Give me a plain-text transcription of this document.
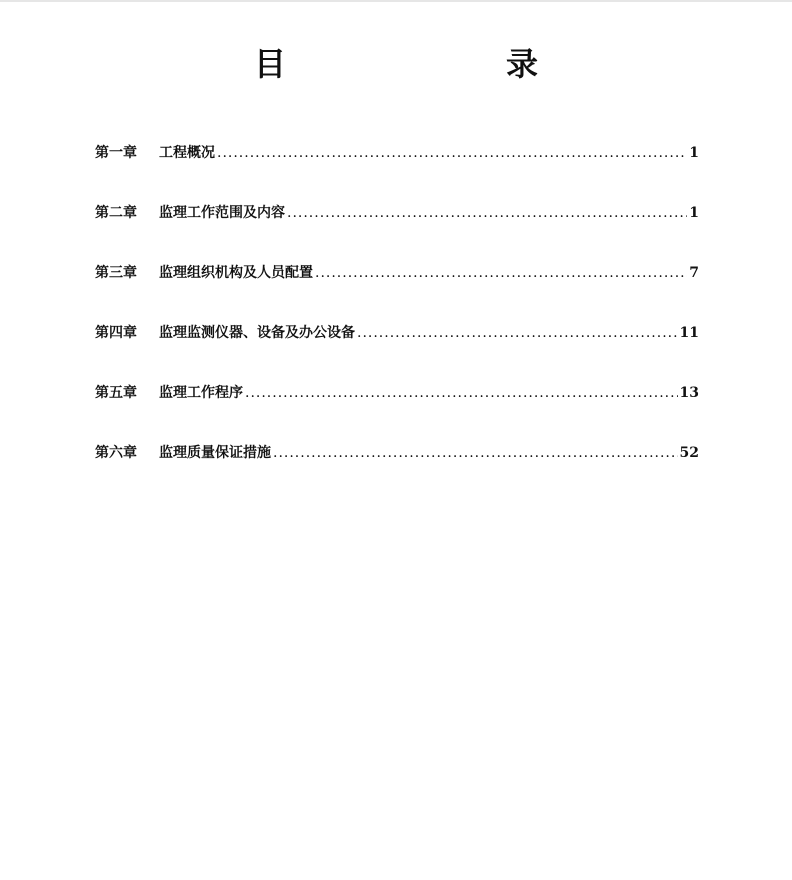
目　　录
第一章	工程概况 .....	1
第二章	监理工作范围及内容 .....	1
第三章	监理组织机构及人员配置 .....	7
第四章	监理监测仪器、设备及办公设备 .....	11
第五章	监理工作程序 .....	13
第六章	监理质量保证措施 .....	52
